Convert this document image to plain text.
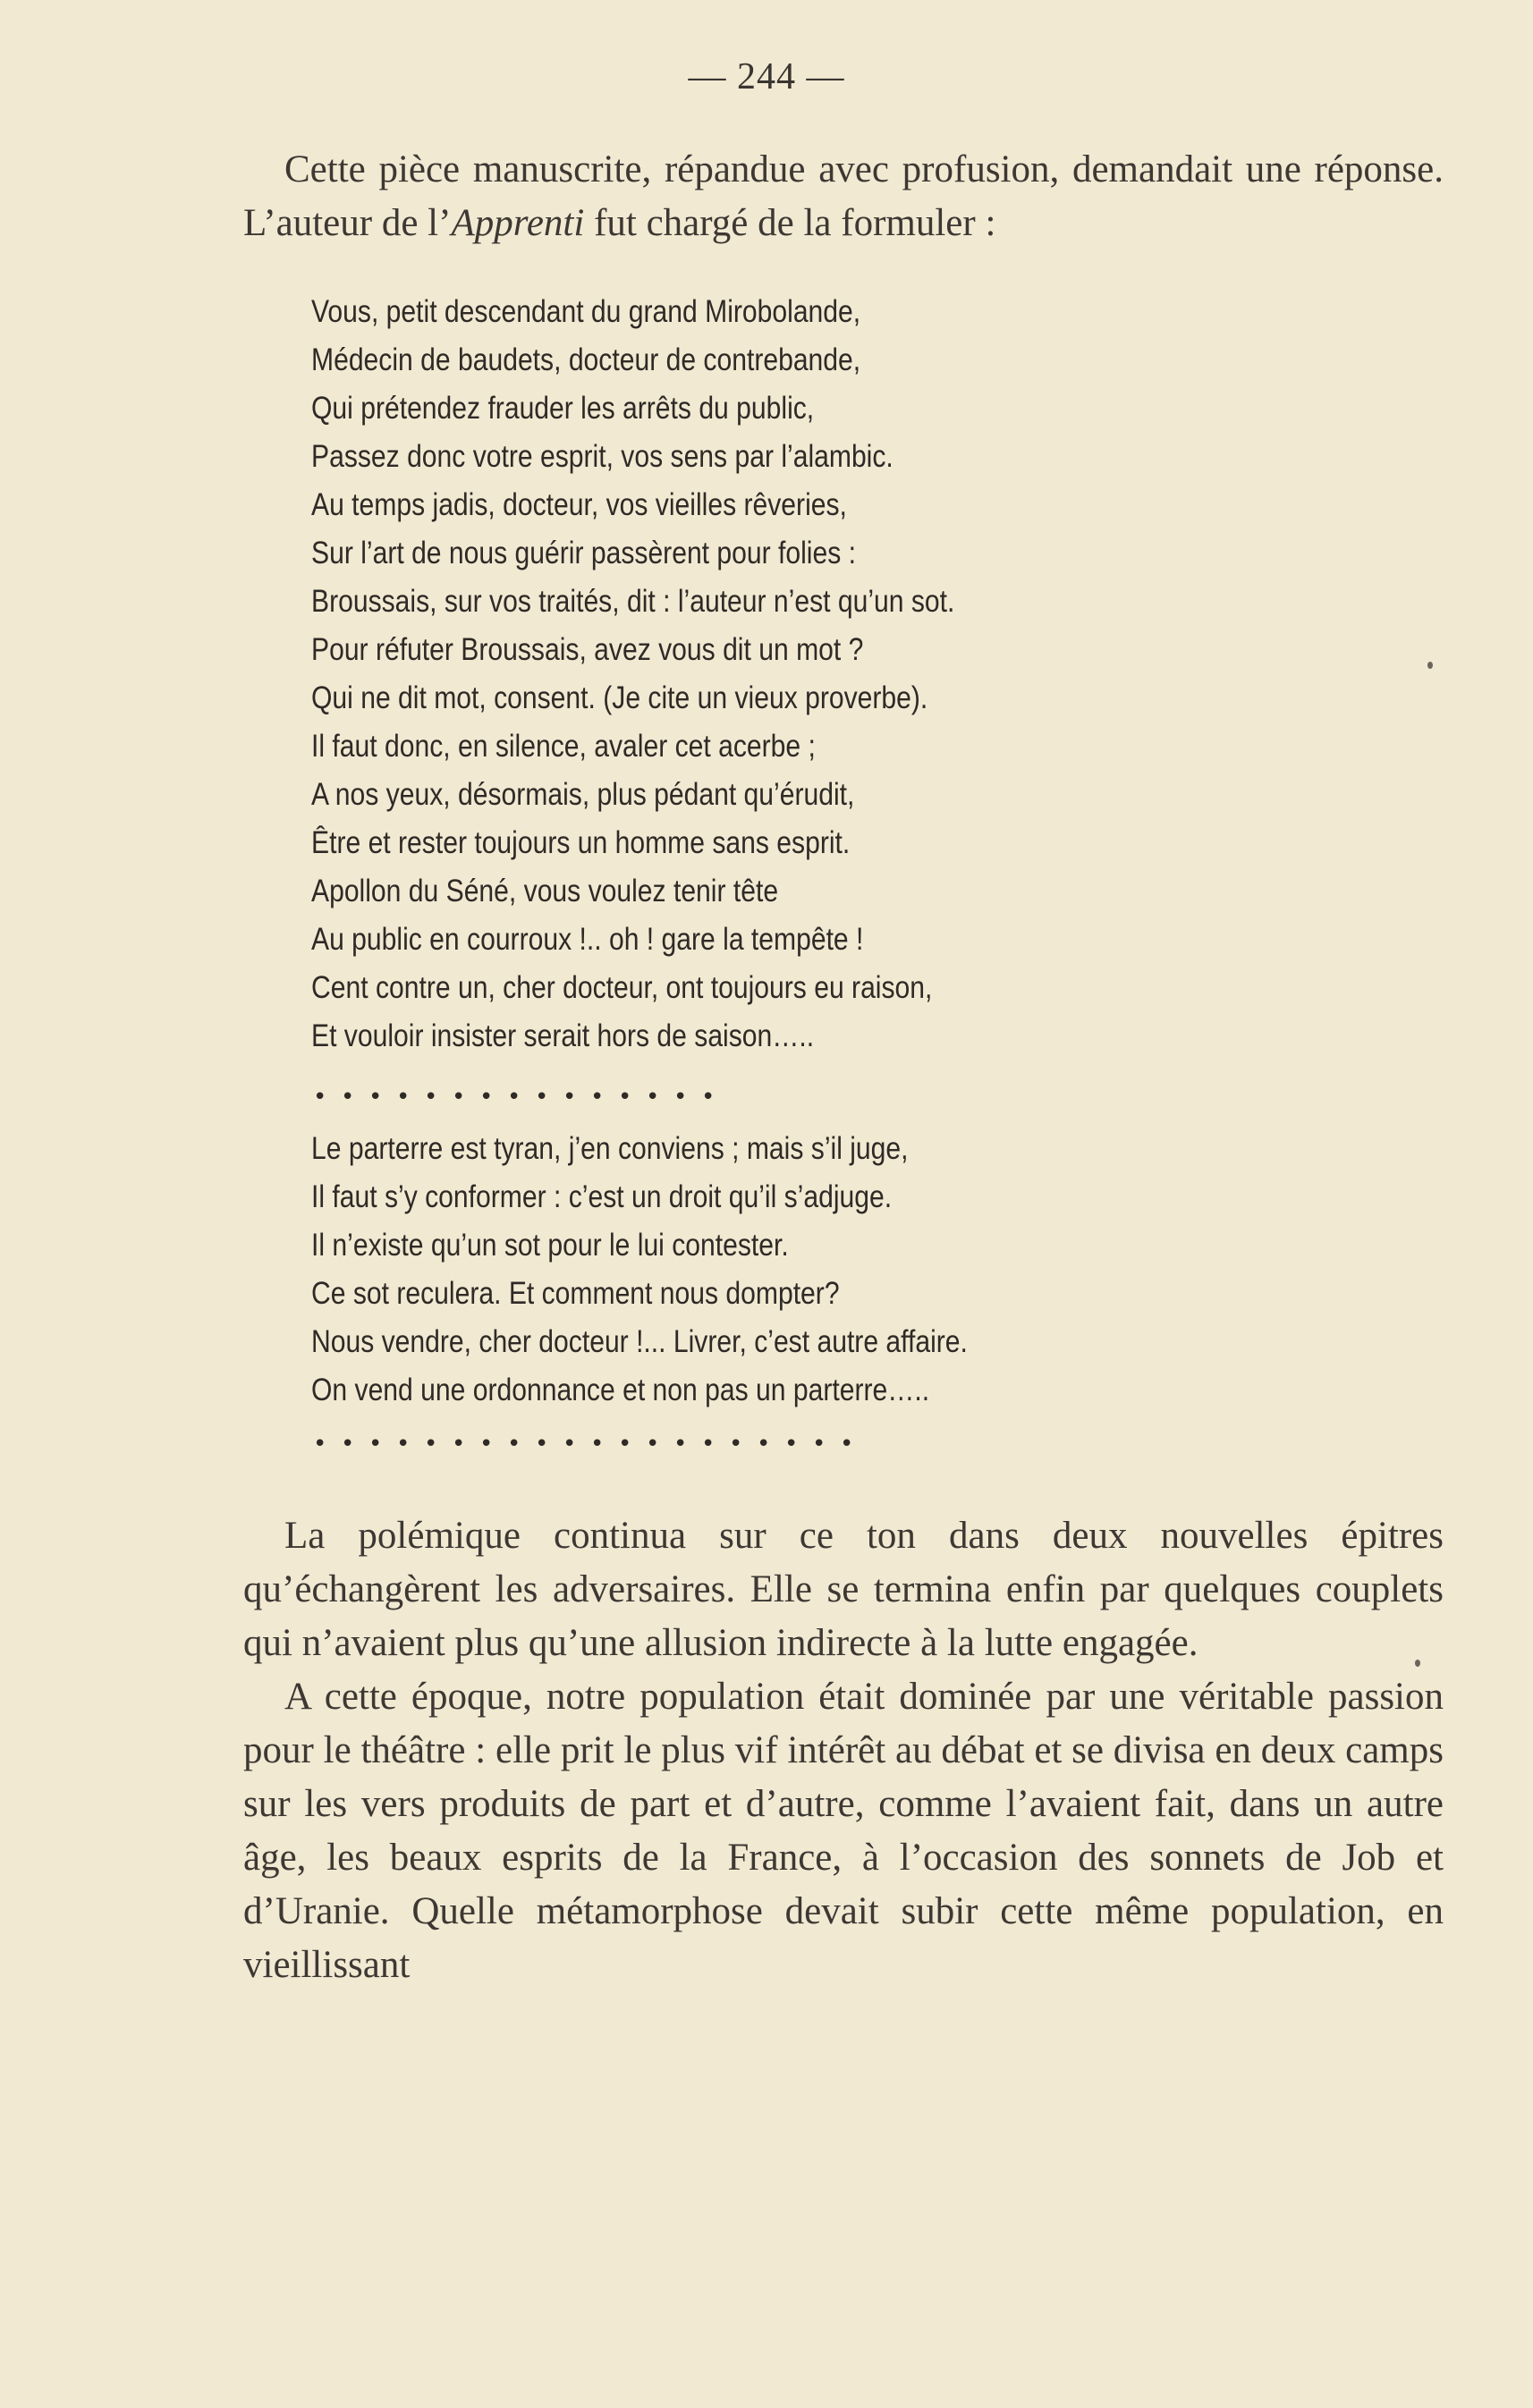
— 244 —

Cette pièce manuscrite, répandue avec profusion, demandait une réponse. L’auteur de l’Apprenti fut chargé de la formuler :

Vous, petit descendant du grand Mirobolande,
Médecin de baudets, docteur de contrebande,
Qui prétendez frauder les arrêts du public,
Passez donc votre esprit, vos sens par l’alambic.
Au temps jadis, docteur, vos vieilles rêveries,
Sur l’art de nous guérir passèrent pour folies :
Broussais, sur vos traités, dit : l’auteur n’est qu’un sot.
Pour réfuter Broussais, avez vous dit un mot ?
Qui ne dit mot, consent. (Je cite un vieux proverbe).
Il faut donc, en silence, avaler cet acerbe ;
A nos yeux, désormais, plus pédant qu’érudit,
Être et rester toujours un homme sans esprit.
Apollon du Séné, vous voulez tenir tête
Au public en courroux !.. oh ! gare la tempête !
Cent contre un, cher docteur, ont toujours eu raison,
Et vouloir insister serait hors de saison…..
• • • • • • • • • • • • • • •
Le parterre est tyran, j’en conviens ; mais s’il juge,
Il faut s’y conformer : c’est un droit qu’il s’adjuge.
Il n’existe qu’un sot pour le lui contester.
Ce sot reculera. Et comment nous dompter?
Nous vendre, cher docteur !... Livrer, c’est autre affaire.
On vend une ordonnance et non pas un parterre…..
• • • • • • • • • • • • • • • • • • • •

La polémique continua sur ce ton dans deux nouvelles épitres qu’échangèrent les adversaires. Elle se termina enfin par quelques couplets qui n’avaient plus qu’une allusion indirecte à la lutte engagée.

A cette époque, notre population était dominée par une véritable passion pour le théâtre : elle prit le plus vif intérêt au débat et se divisa en deux camps sur les vers produits de part et d’autre, comme l’avaient fait, dans un autre âge, les beaux esprits de la France, à l’occasion des sonnets de Job et d’Uranie. Quelle métamorphose devait subir cette même population, en vieillissant
